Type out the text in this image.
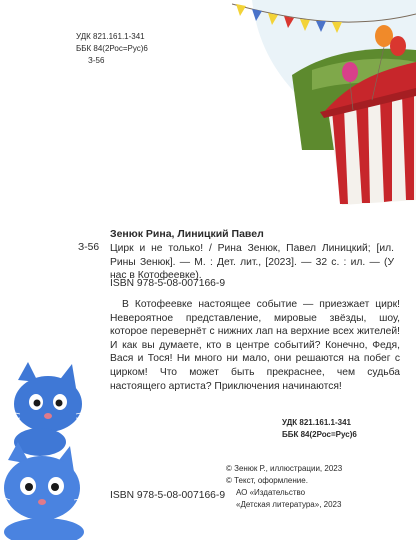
УДК 821.161.1-341
ББК 84(2Рос=Рус)6
З-56
Зенюк Рина, Линицкий Павел
З-56 Цирк и не только! / Рина Зенюк, Павел Линицкий; [ил. Рины Зенюк]. — М. : Дет. лит., [2023]. — 32 с. : ил. — (У нас в Котофеевке).
ISBN 978-5-08-007166-9
В Котофеевке настоящее событие — приезжает цирк! Невероятное представление, мировые звёзды, шоу, которое перевернёт с нижних лап на верхние всех жителей! И как вы думаете, кто в центре событий? Конечно, Федя, Вася и Тося! Ни много ни мало, они решаются на побег с цирком! Что может быть прекраснее, чем судьба настоящего артиста? Приключения начинаются!
УДК 821.161.1-341
ББК 84(2Рос=Рус)6
© Зенюк Р., иллюстрации, 2023
© Текст, оформление.
АО «Издательство
«Детская литература», 2023
ISBN 978-5-08-007166-9
